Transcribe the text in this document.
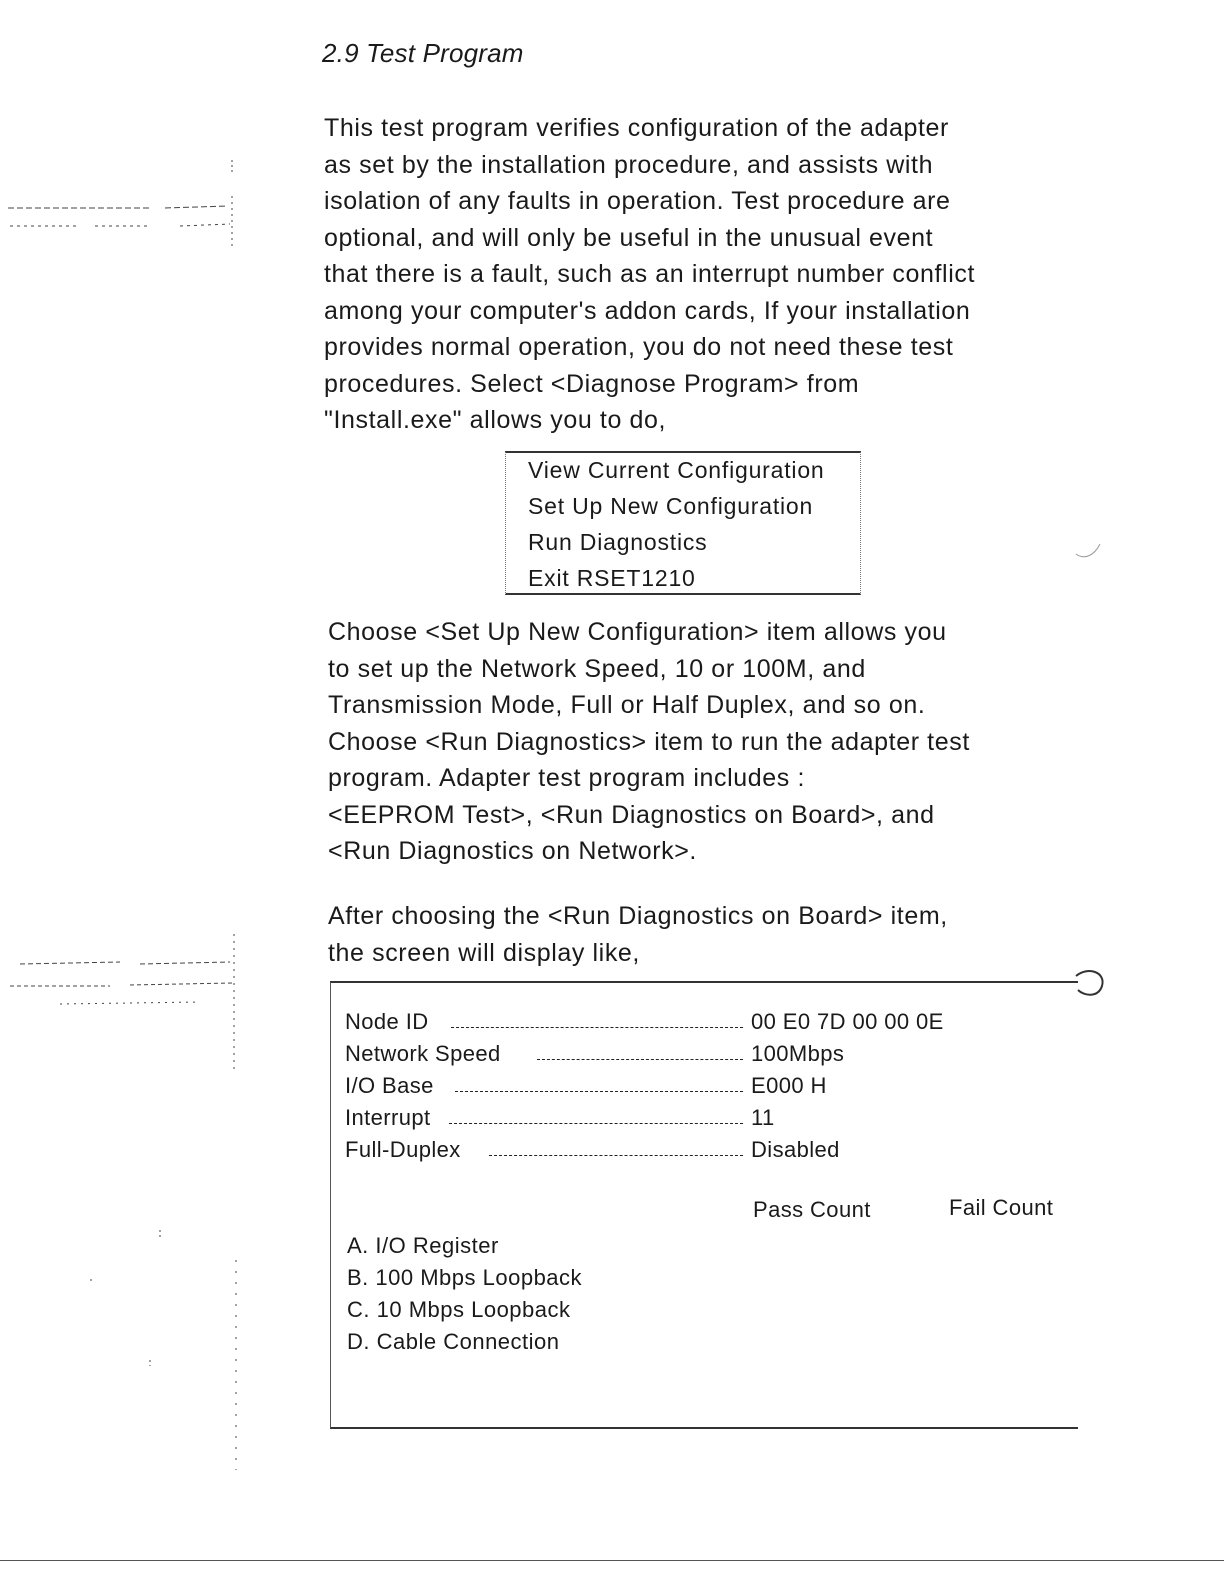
2.9 Test Program

This test program verifies configuration of the adapter
as set by the installation procedure, and assists with
isolation of any faults in operation. Test procedure are
optional, and will only be useful in the unusual event
that there is a fault, such as an interrupt number conflict
among your computer's addon cards, If your installation
provides normal operation, you do not need these test
procedures. Select <Diagnose Program> from
"Install.exe" allows you to do,

View Current Configuration
Set Up New Configuration
Run Diagnostics
Exit RSET1210

Choose <Set Up New Configuration> item allows you
to set up the Network Speed, 10 or 100M, and
Transmission Mode, Full or Half Duplex, and so on.
Choose <Run Diagnostics> item to run the adapter test
program. Adapter test program includes :
<EEPROM Test>, <Run Diagnostics on Board>, and
<Run Diagnostics on Network>.

After choosing the <Run Diagnostics on Board> item,
the screen will display like,

Node ID	00 E0 7D 00 00 0E
Network Speed	100Mbps
I/O Base	E000 H
Interrupt	11
Full-Duplex	Disabled
Pass Count	Fail Count
A. I/O Register
B. 100 Mbps Loopback
C. 10 Mbps Loopback
D. Cable Connection
